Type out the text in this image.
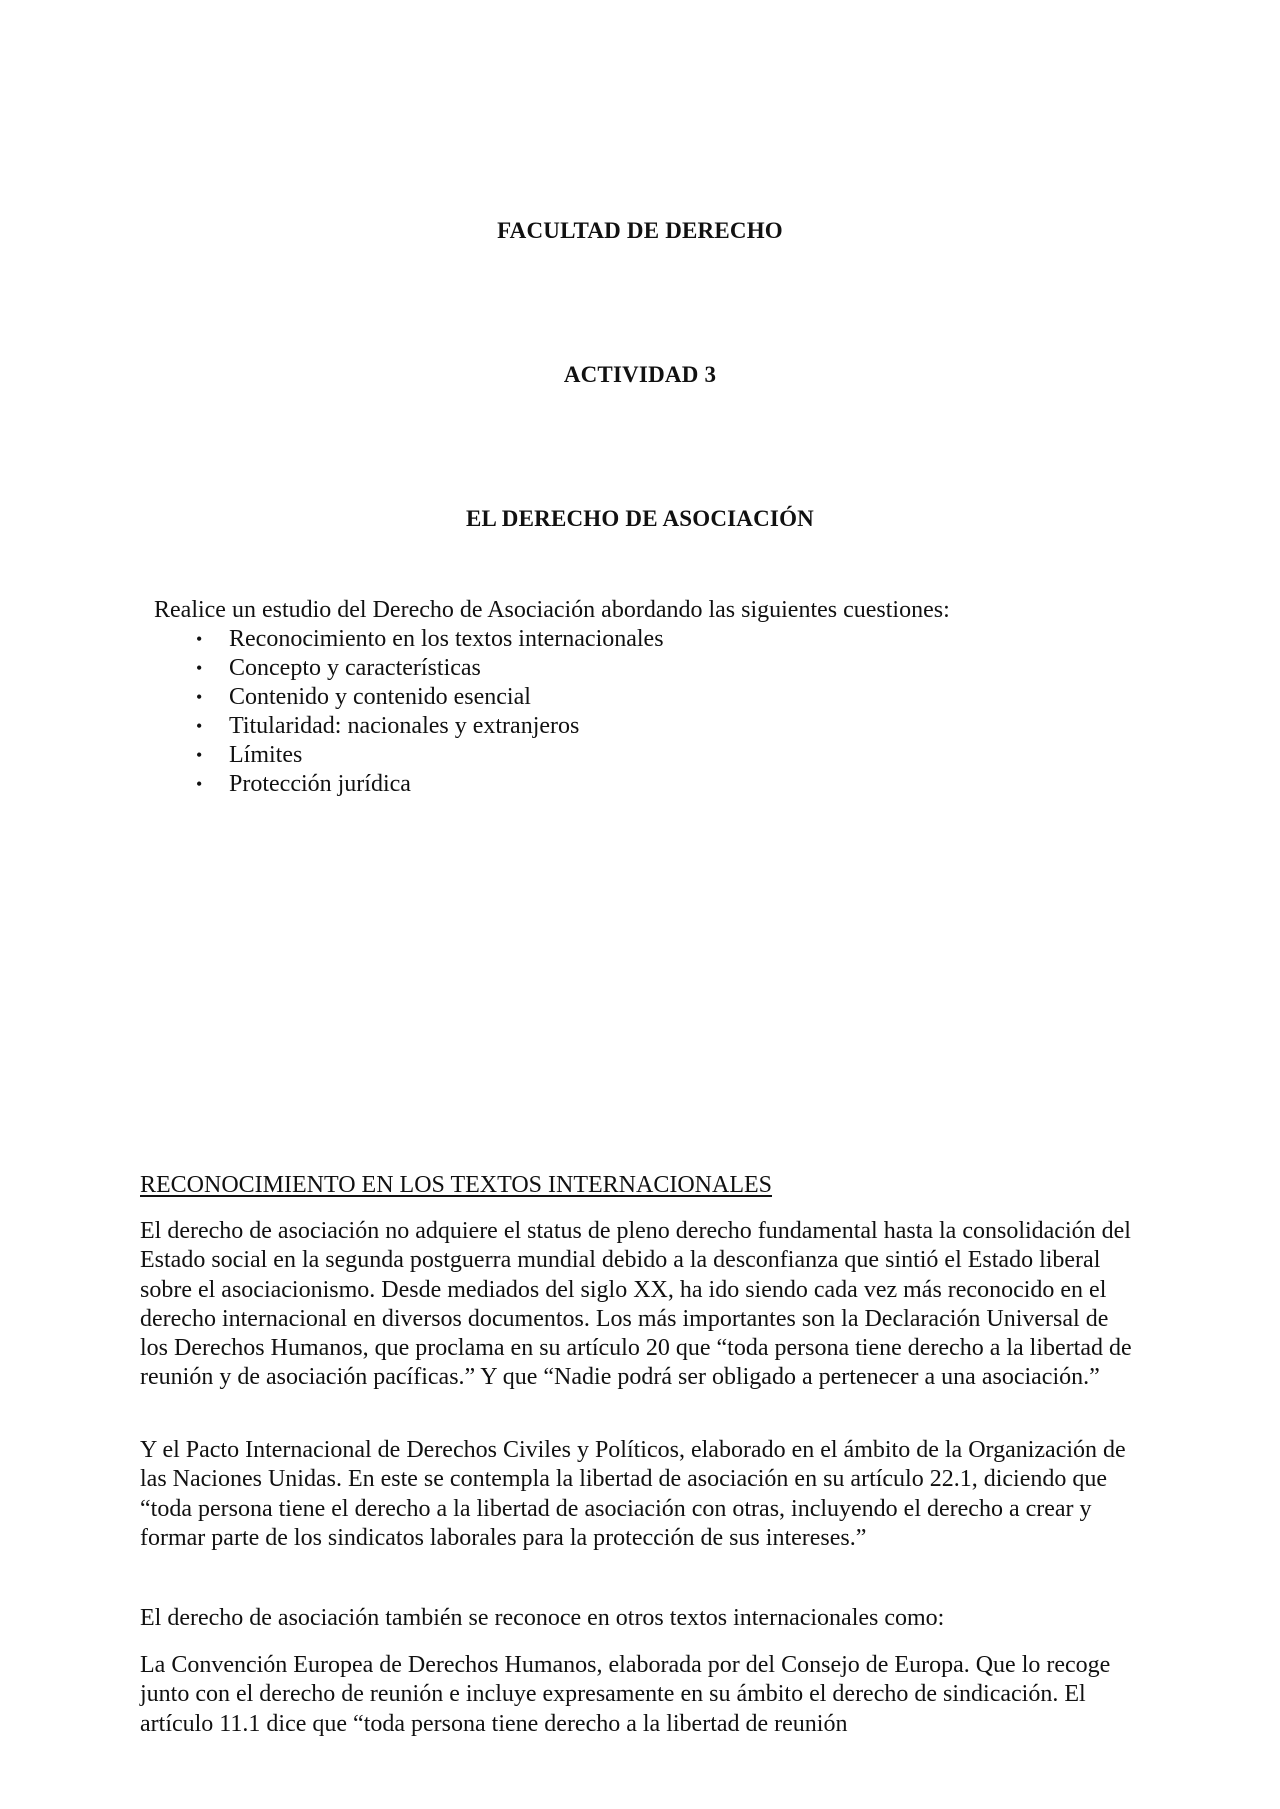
FACULTAD DE DERECHO
ACTIVIDAD 3
EL DERECHO DE ASOCIACIÓN
Realice un estudio del Derecho de Asociación abordando las siguientes cuestiones:
• Reconocimiento en los textos internacionales
• Concepto y características
• Contenido y contenido esencial
• Titularidad: nacionales y extranjeros
• Límites
• Protección jurídica
RECONOCIMIENTO EN LOS TEXTOS INTERNACIONALES

El derecho de asociación no adquiere el status de pleno derecho fundamental hasta la consolidación del Estado social en la segunda postguerra mundial debido a la desconfianza que sintió el Estado liberal sobre el asociacionismo. Desde mediados del siglo XX, ha ido siendo cada vez más reconocido en el derecho internacional en diversos documentos. Los más importantes son la Declaración Universal de los Derechos Humanos, que proclama en su artículo 20 que “toda persona tiene derecho a la libertad de reunión y de asociación pacíficas.” Y que “Nadie podrá ser obligado a pertenecer a una asociación.”

Y el Pacto Internacional de Derechos Civiles y Políticos, elaborado en el ámbito de la Organización de las Naciones Unidas. En este se contempla la libertad de asociación en su artículo 22.1, diciendo que “toda persona tiene el derecho a la libertad de asociación con otras, incluyendo el derecho a crear y formar parte de los sindicatos laborales para la protección de sus intereses.”

El derecho de asociación también se reconoce en otros textos internacionales como:

La Convención Europea de Derechos Humanos, elaborada por del Consejo de Europa. Que lo recoge junto con el derecho de reunión e incluye expresamente en su ámbito el derecho de sindicación. El artículo 11.1 dice que “toda persona tiene derecho a la libertad de reunión
